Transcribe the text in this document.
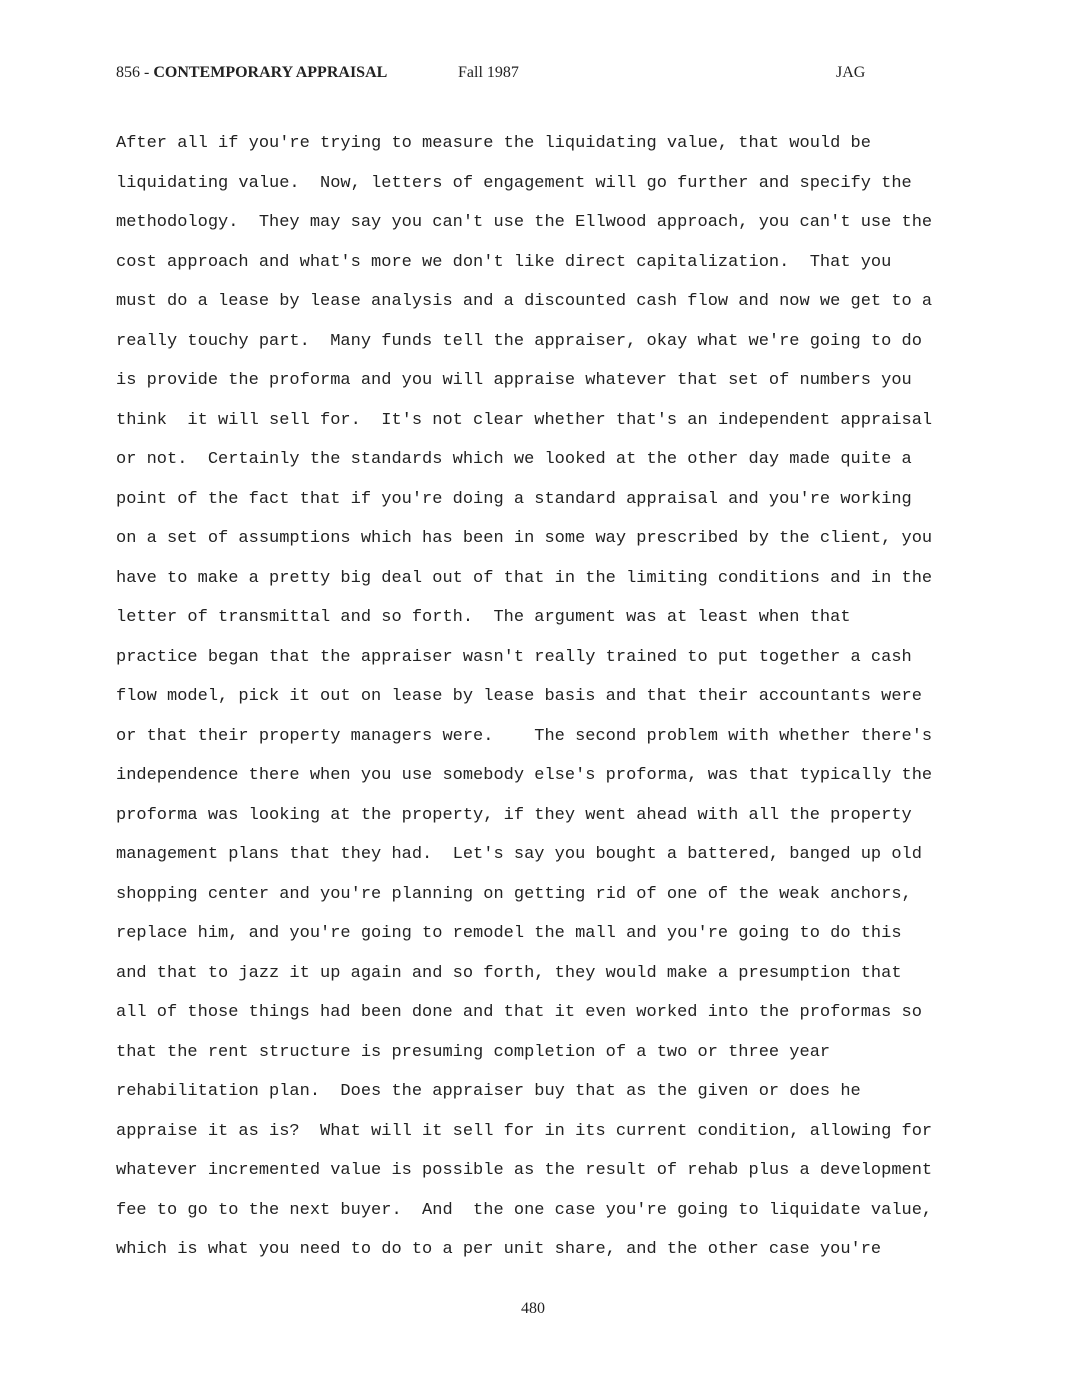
856 - CONTEMPORARY APPRAISAL	Fall 1987	JAG
After all if you're trying to measure the liquidating value, that would be
liquidating value.  Now, letters of engagement will go further and specify the
methodology.  They may say you can't use the Ellwood approach, you can't use the
cost approach and what's more we don't like direct capitalization.  That you
must do a lease by lease analysis and a discounted cash flow and now we get to a
really touchy part.  Many funds tell the appraiser, okay what we're going to do
is provide the proforma and you will appraise whatever that set of numbers you
think  it will sell for.  It's not clear whether that's an independent appraisal
or not.  Certainly the standards which we looked at the other day made quite a
point of the fact that if you're doing a standard appraisal and you're working
on a set of assumptions which has been in some way prescribed by the client, you
have to make a pretty big deal out of that in the limiting conditions and in the
letter of transmittal and so forth.  The argument was at least when that
practice began that the appraiser wasn't really trained to put together a cash
flow model, pick it out on lease by lease basis and that their accountants were
or that their property managers were.    The second problem with whether there's
independence there when you use somebody else's proforma, was that typically the
proforma was looking at the property, if they went ahead with all the property
management plans that they had.  Let's say you bought a battered, banged up old
shopping center and you're planning on getting rid of one of the weak anchors,
replace him, and you're going to remodel the mall and you're going to do this
and that to jazz it up again and so forth, they would make a presumption that
all of those things had been done and that it even worked into the proformas so
that the rent structure is presuming completion of a two or three year
rehabilitation plan.  Does the appraiser buy that as the given or does he
appraise it as is?  What will it sell for in its current condition, allowing for
whatever incremented value is possible as the result of rehab plus a development
fee to go to the next buyer.  And  the one case you're going to liquidate value,
which is what you need to do to a per unit share, and the other case you're
480
